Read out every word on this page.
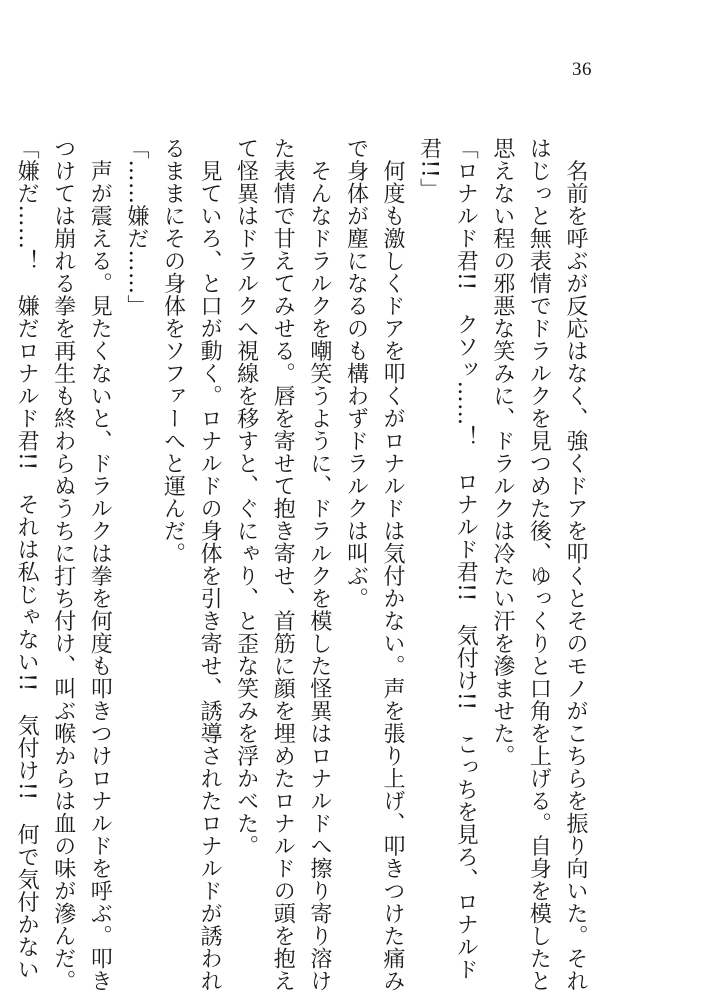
36
　名前を呼ぶが反応はなく、強くドアを叩くとそのモノがこちらを振り向いた。それ
はじっと無表情でドラルクを見つめた後、ゆっくりと口角を上げる。自身を模したと
思えない程の邪悪な笑みに、ドラルクは冷たい汗を滲ませた。
「ロナルド君!!　クソッ……！　ロナルド君!!　気付け!!　こっちを見ろ、ロナルド
君!!」
　何度も激しくドアを叩くがロナルドは気付かない。声を張り上げ、叩きつけた痛み
で身体が塵になるのも構わずドラルクは叫ぶ。
　そんなドラルクを嘲笑うように、ドラルクを模した怪異はロナルドへ擦り寄り溶け
た表情で甘えてみせる。唇を寄せて抱き寄せ、首筋に顔を埋めたロナルドの頭を抱え
て怪異はドラルクへ視線を移すと、ぐにゃり、と歪な笑みを浮かべた。
　見ていろ、と口が動く。ロナルドの身体を引き寄せ、誘導されたロナルドが誘われ
るままにその身体をソファーへと運んだ。
「……嫌だ……」
　声が震える。見たくないと、ドラルクは拳を何度も叩きつけロナルドを呼ぶ。叩き
つけては崩れる拳を再生も終わらぬうちに打ち付け、叫ぶ喉からは血の味が滲んだ。
「嫌だ……！　嫌だロナルド君!!　それは私じゃない!!　気付け!!　何で気付かない
